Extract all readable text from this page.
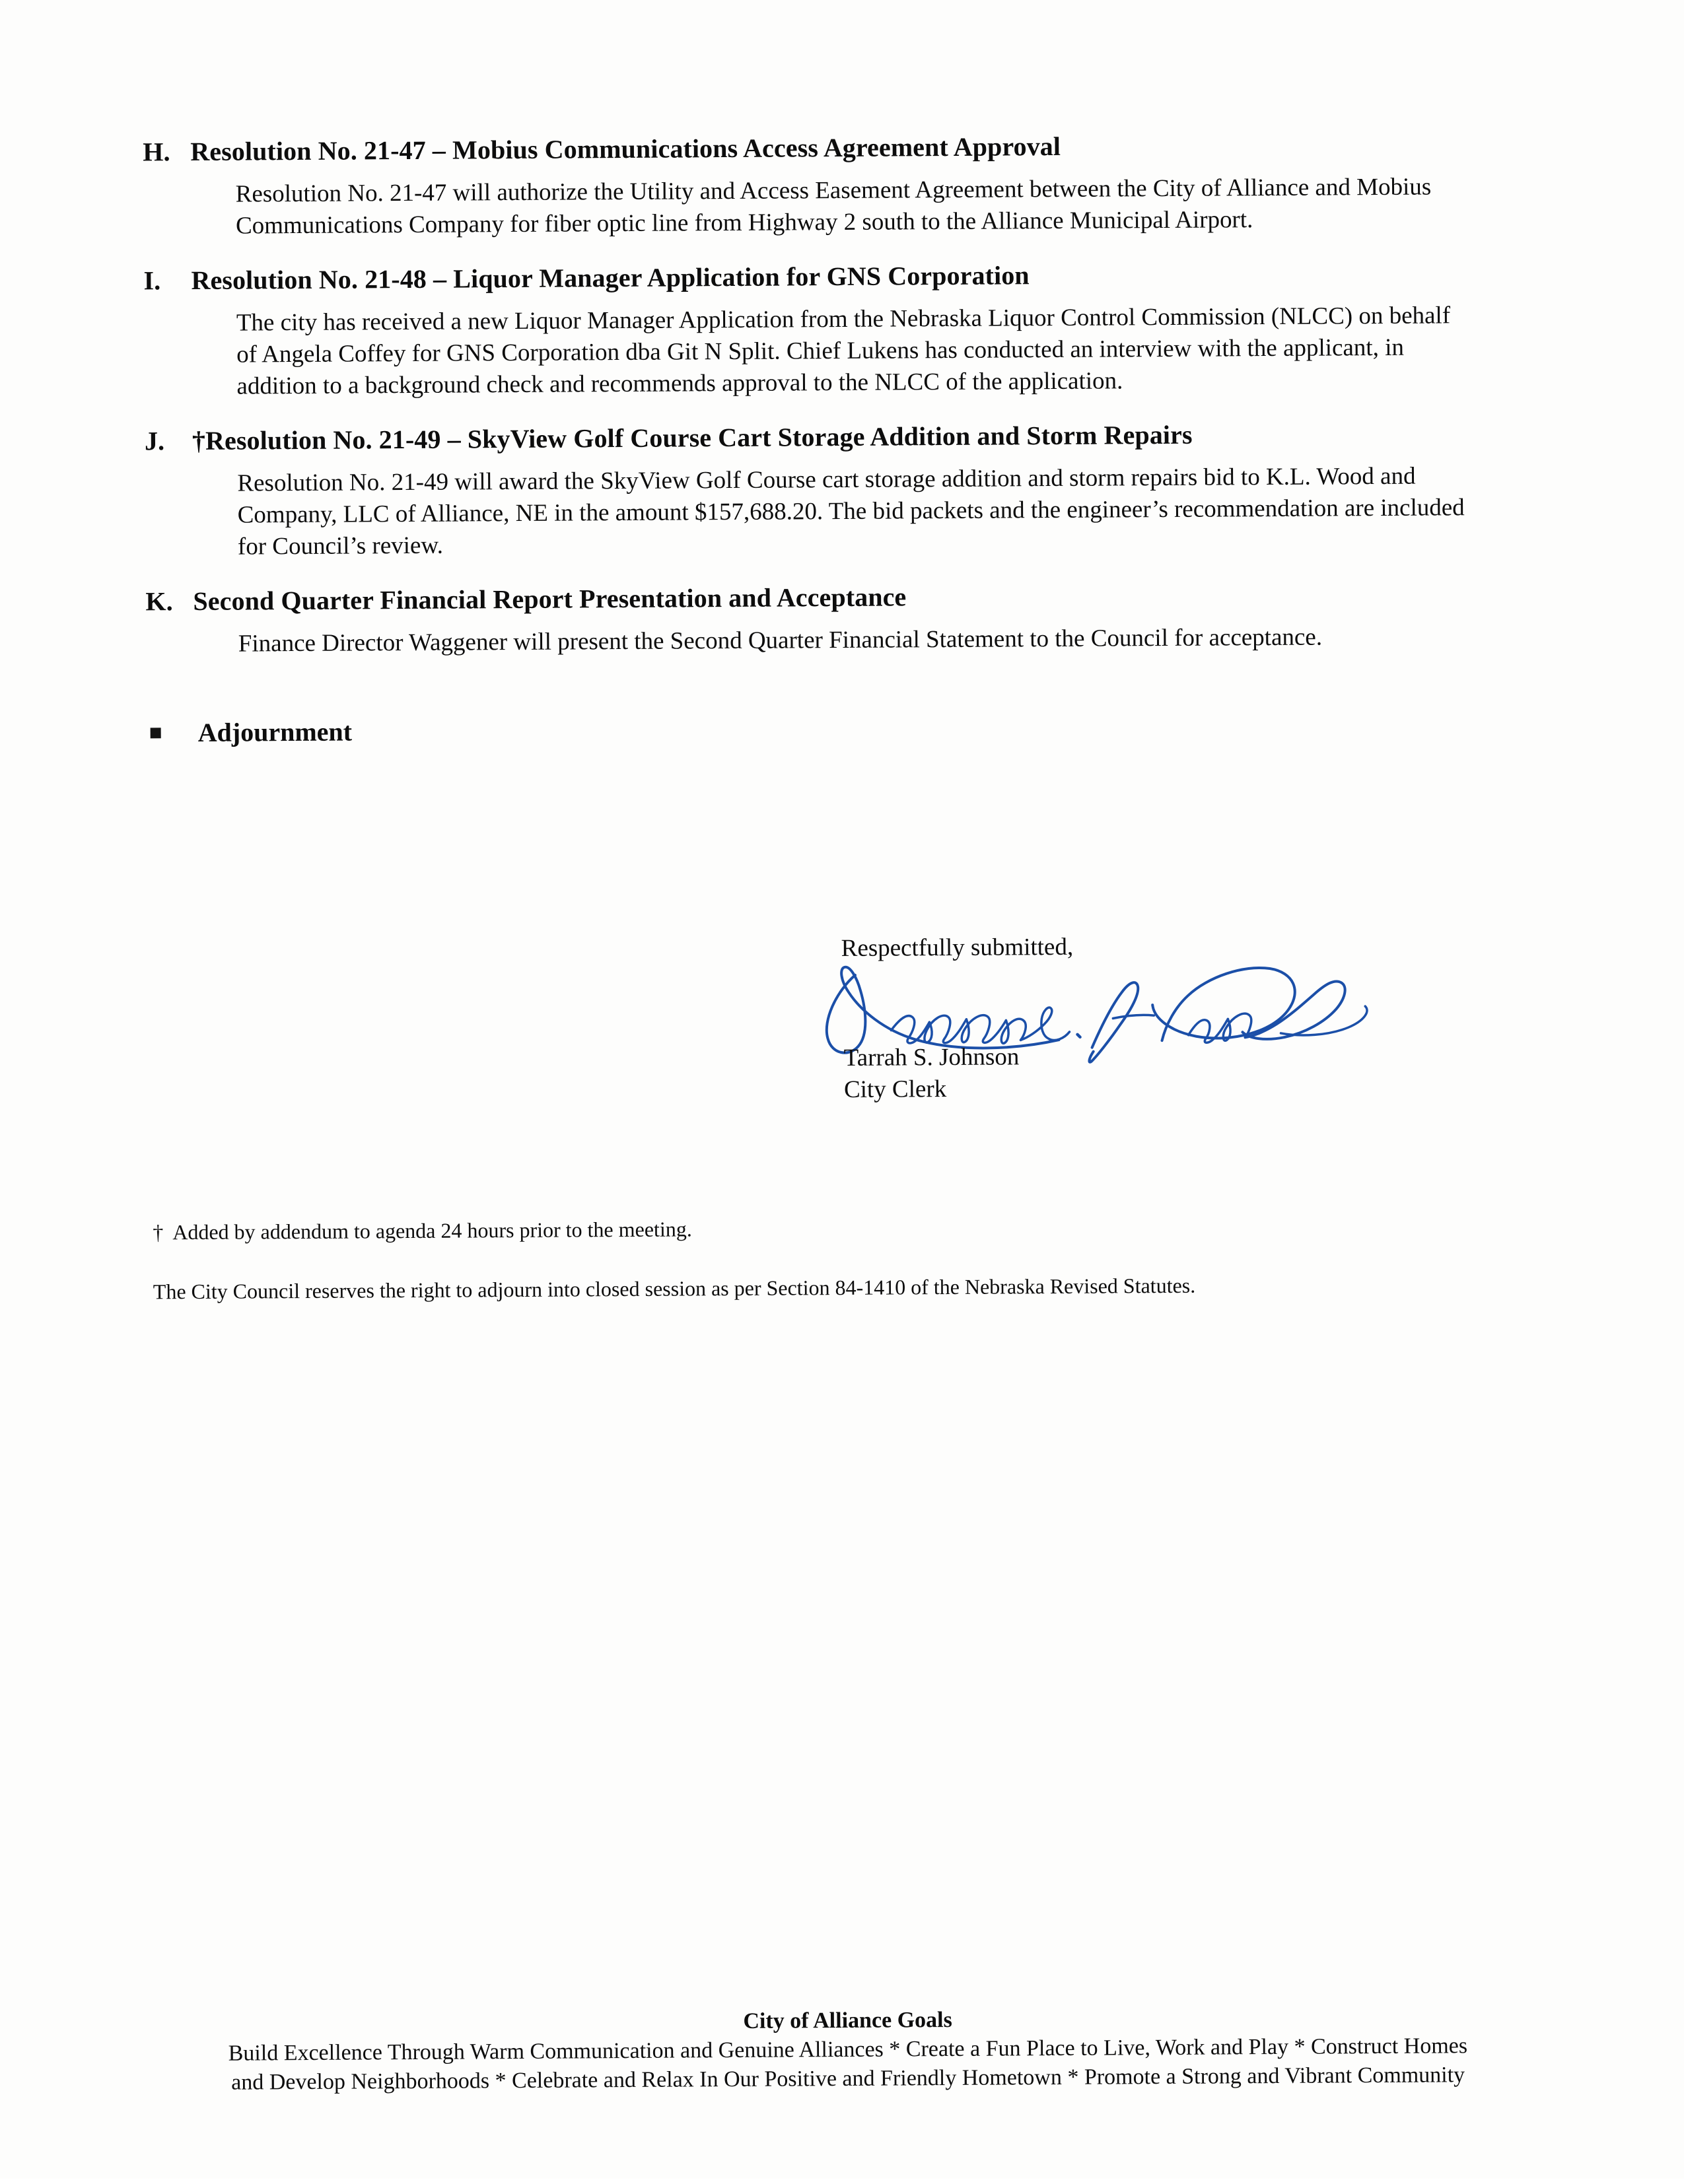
H. Resolution No. 21-47 – Mobius Communications Access Agreement Approval
Resolution No. 21-47 will authorize the Utility and Access Easement Agreement between the City of Alliance and Mobius Communications Company for fiber optic line from Highway 2 south to the Alliance Municipal Airport.
I.	Resolution No. 21-48 – Liquor Manager Application for GNS Corporation
The city has received a new Liquor Manager Application from the Nebraska Liquor Control Commission (NLCC) on behalf of Angela Coffey for GNS Corporation dba Git N Split. Chief Lukens has conducted an interview with the applicant, in addition to a background check and recommends approval to the NLCC of the application.
J.	†Resolution No. 21-49 – SkyView Golf Course Cart Storage Addition and Storm Repairs
Resolution No. 21-49 will award the SkyView Golf Course cart storage addition and storm repairs bid to K.L. Wood and Company, LLC of Alliance, NE in the amount $157,688.20. The bid packets and the engineer’s recommendation are included for Council’s review.
K. Second Quarter Financial Report Presentation and Acceptance
Finance Director Waggener will present the Second Quarter Financial Statement to the Council for acceptance.
Adjournment
Respectfully submitted,
Tarrah S. Johnson
City Clerk
† Added by addendum to agenda 24 hours prior to the meeting.
The City Council reserves the right to adjourn into closed session as per Section 84-1410 of the Nebraska Revised Statutes.
City of Alliance Goals
Build Excellence Through Warm Communication and Genuine Alliances * Create a Fun Place to Live, Work and Play * Construct Homes
and Develop Neighborhoods * Celebrate and Relax In Our Positive and Friendly Hometown * Promote a Strong and Vibrant Community
